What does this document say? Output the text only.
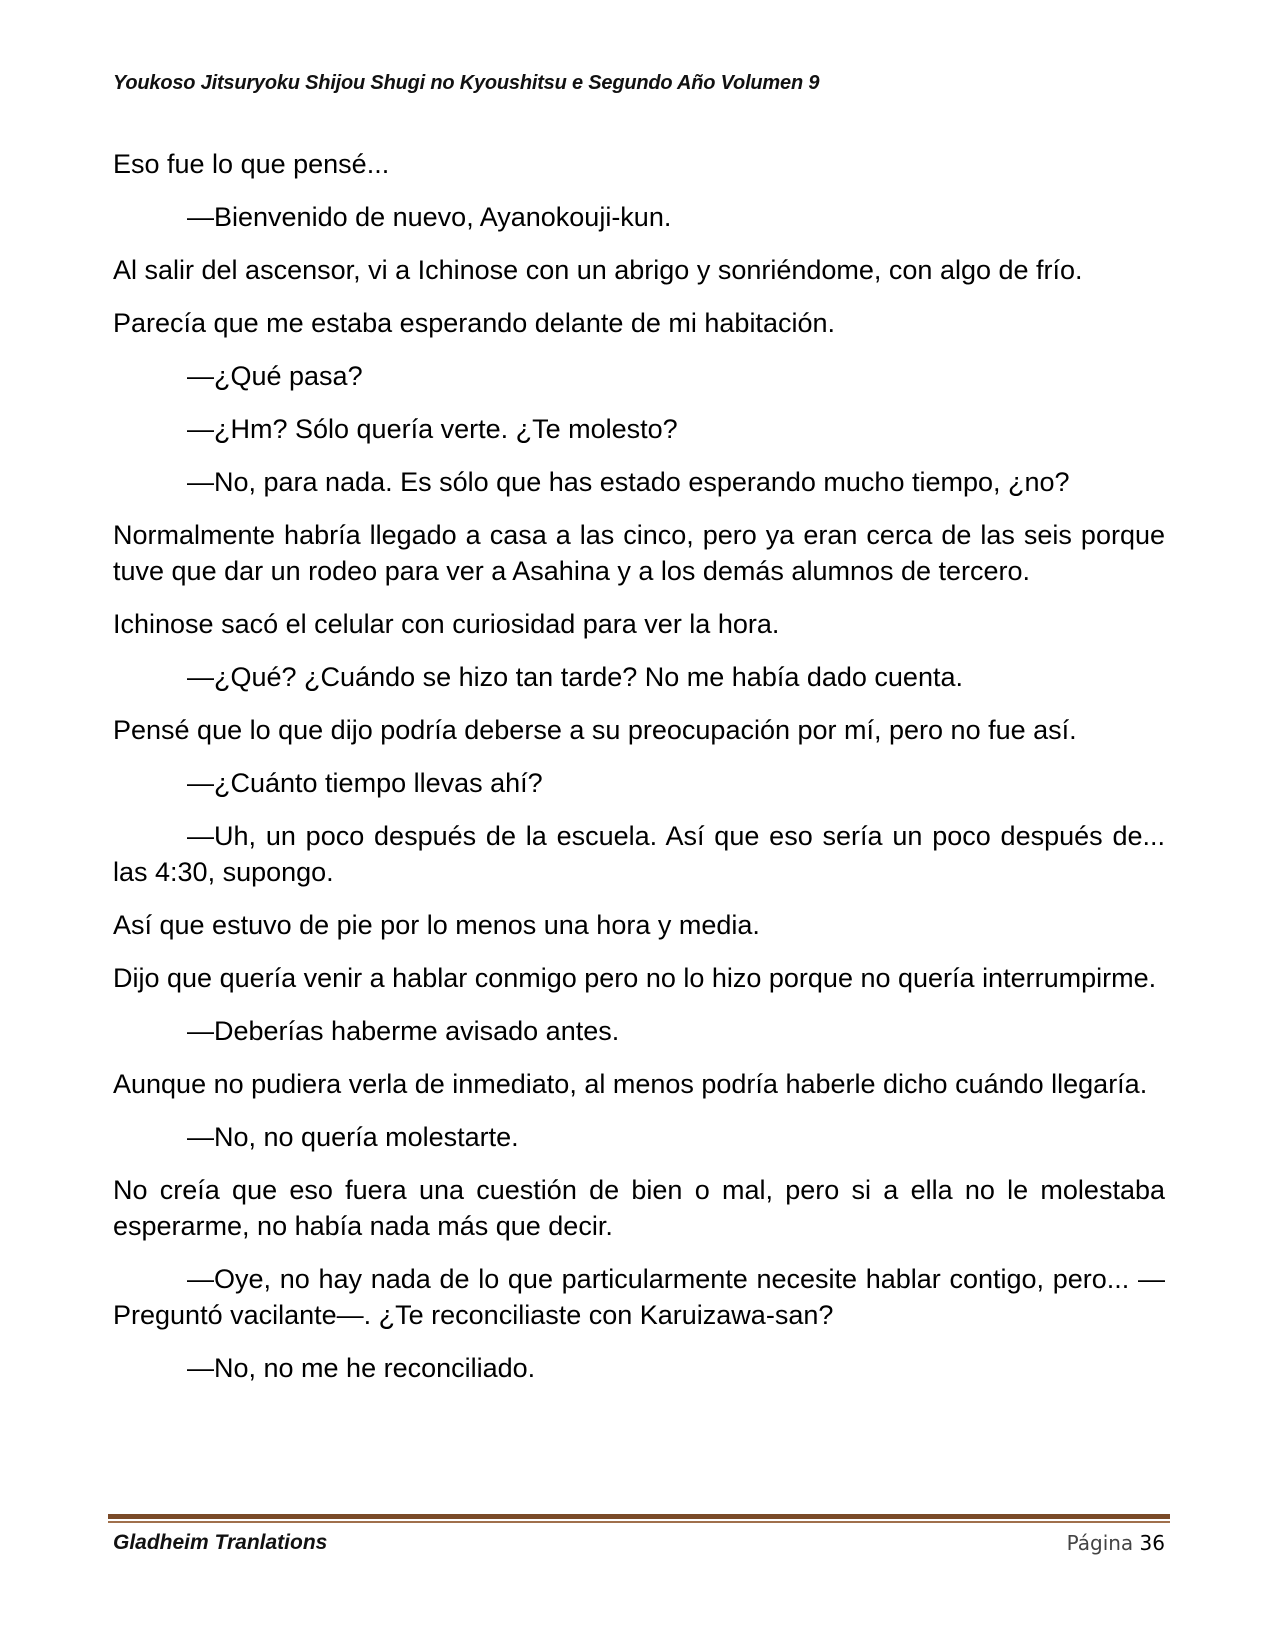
Youkoso Jitsuryoku Shijou Shugi no Kyoushitsu e Segundo Año Volumen 9

Eso fue lo que pensé...

—Bienvenido de nuevo, Ayanokouji-kun.

Al salir del ascensor, vi a Ichinose con un abrigo y sonriéndome, con algo de frío.

Parecía que me estaba esperando delante de mi habitación.

—¿Qué pasa?

—¿Hm? Sólo quería verte. ¿Te molesto?

—No, para nada. Es sólo que has estado esperando mucho tiempo, ¿no?

Normalmente habría llegado a casa a las cinco, pero ya eran cerca de las seis porque tuve que dar un rodeo para ver a Asahina y a los demás alumnos de tercero.

Ichinose sacó el celular con curiosidad para ver la hora.

—¿Qué? ¿Cuándo se hizo tan tarde? No me había dado cuenta.

Pensé que lo que dijo podría deberse a su preocupación por mí, pero no fue así.

—¿Cuánto tiempo llevas ahí?

—Uh, un poco después de la escuela. Así que eso sería un poco después de... las 4:30, supongo.

Así que estuvo de pie por lo menos una hora y media.

Dijo que quería venir a hablar conmigo pero no lo hizo porque no quería interrumpirme.

—Deberías haberme avisado antes.

Aunque no pudiera verla de inmediato, al menos podría haberle dicho cuándo llegaría.

—No, no quería molestarte.

No creía que eso fuera una cuestión de bien o mal, pero si a ella no le molestaba esperarme, no había nada más que decir.

—Oye, no hay nada de lo que particularmente necesite hablar contigo, pero... —Preguntó vacilante—. ¿Te reconciliaste con Karuizawa-san?

—No, no me he reconciliado.

Gladheim Tranlations	Página 36
